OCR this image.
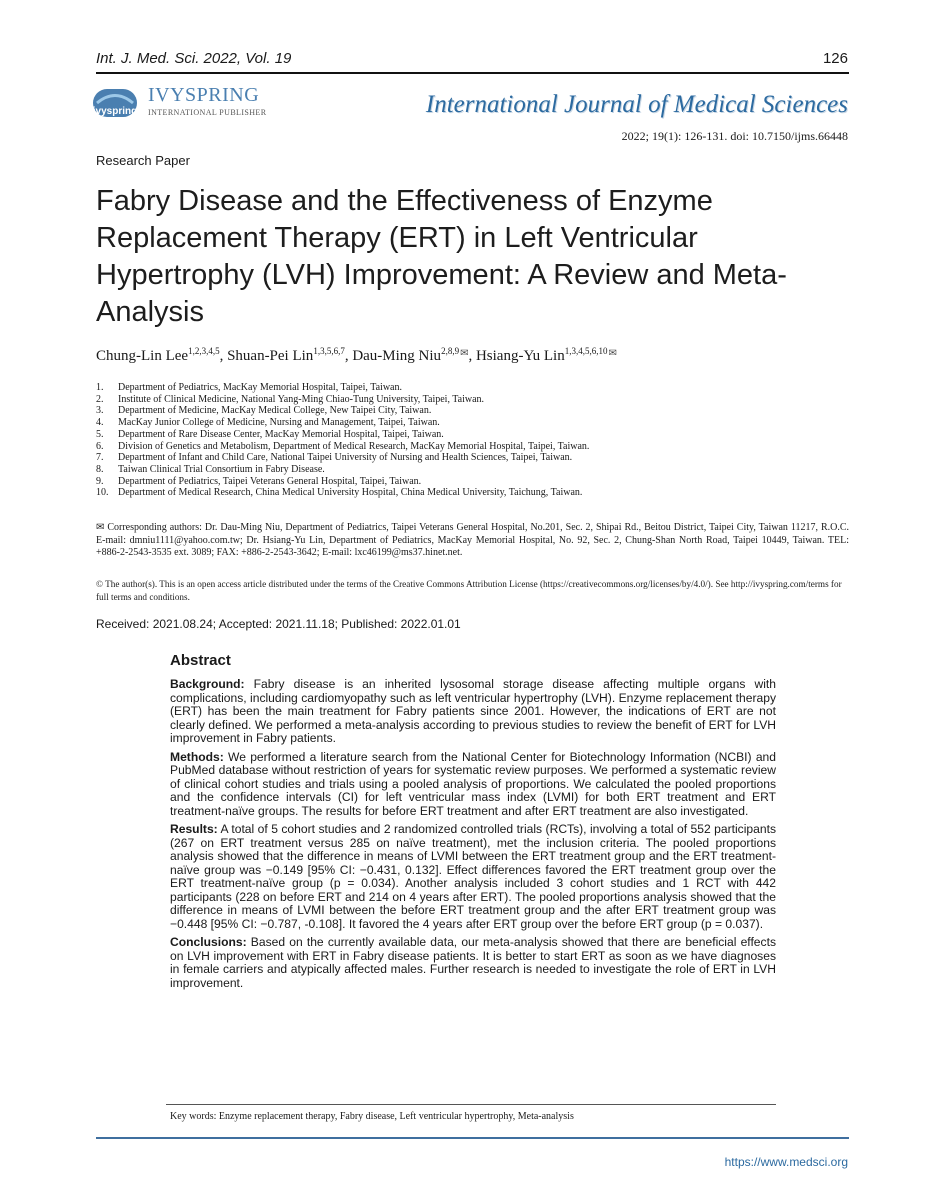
Int. J. Med. Sci. 2022, Vol. 19	126
ivyspring
IVYSPRING
INTERNATIONAL PUBLISHER	International Journal of Medical Sciences
2022; 19(1): 126-131. doi: 10.7150/ijms.66448
Research Paper
Fabry Disease and the Effectiveness of Enzyme Replacement Therapy (ERT) in Left Ventricular Hypertrophy (LVH) Improvement: A Review and Meta-Analysis
Chung-Lin Lee$^{1,2,3,4,5}$, Shuan-Pei Lin$^{1,3,5,6,7}$, Dau-Ming Niu$^{2,8,9}$✉, Hsiang-Yu Lin$^{1,3,4,5,6,10}$✉
1. Department of Pediatrics, MacKay Memorial Hospital, Taipei, Taiwan.
2. Institute of Clinical Medicine, National Yang-Ming Chiao-Tung University, Taipei, Taiwan.
3. Department of Medicine, MacKay Medical College, New Taipei City, Taiwan.
4. MacKay Junior College of Medicine, Nursing and Management, Taipei, Taiwan.
5. Department of Rare Disease Center, MacKay Memorial Hospital, Taipei, Taiwan.
6. Division of Genetics and Metabolism, Department of Medical Research, MacKay Memorial Hospital, Taipei, Taiwan.
7. Department of Infant and Child Care, National Taipei University of Nursing and Health Sciences, Taipei, Taiwan.
8. Taiwan Clinical Trial Consortium in Fabry Disease.
9. Department of Pediatrics, Taipei Veterans General Hospital, Taipei, Taiwan.
10. Department of Medical Research, China Medical University Hospital, China Medical University, Taichung, Taiwan.
✉ Corresponding authors: Dr. Dau-Ming Niu, Department of Pediatrics, Taipei Veterans General Hospital, No.201, Sec. 2, Shipai Rd., Beitou District, Taipei City, Taiwan 11217, R.O.C. E-mail: dmniu1111@yahoo.com.tw; Dr. Hsiang-Yu Lin, Department of Pediatrics, MacKay Memorial Hospital, No. 92, Sec. 2, Chung-Shan North Road, Taipei 10449, Taiwan. TEL: +886-2-2543-3535 ext. 3089; FAX: +886-2-2543-3642; E-mail: lxc46199@ms37.hinet.net.
© The author(s). This is an open access article distributed under the terms of the Creative Commons Attribution License (https://creativecommons.org/licenses/by/4.0/). See http://ivyspring.com/terms for full terms and conditions.
Received: 2021.08.24; Accepted: 2021.11.18; Published: 2022.01.01
Abstract

Background: Fabry disease is an inherited lysosomal storage disease affecting multiple organs with complications, including cardiomyopathy such as left ventricular hypertrophy (LVH). Enzyme replacement therapy (ERT) has been the main treatment for Fabry patients since 2001. However, the indications of ERT are not clearly defined. We performed a meta-analysis according to previous studies to review the benefit of ERT for LVH improvement in Fabry patients.

Methods: We performed a literature search from the National Center for Biotechnology Information (NCBI) and PubMed database without restriction of years for systematic review purposes. We performed a systematic review of clinical cohort studies and trials using a pooled analysis of proportions. We calculated the pooled proportions and the confidence intervals (CI) for left ventricular mass index (LVMI) for both ERT treatment and ERT treatment-naïve groups. The results for before ERT treatment and after ERT treatment are also investigated.

Results: A total of 5 cohort studies and 2 randomized controlled trials (RCTs), involving a total of 552 participants (267 on ERT treatment versus 285 on naïve treatment), met the inclusion criteria. The pooled proportions analysis showed that the difference in means of LVMI between the ERT treatment group and the ERT treatment-naïve group was −0.149 [95% CI: −0.431, 0.132]. Effect differences favored the ERT treatment group over the ERT treatment-naïve group (p = 0.034). Another analysis included 3 cohort studies and 1 RCT with 442 participants (228 on before ERT and 214 on 4 years after ERT). The pooled proportions analysis showed that the difference in means of LVMI between the before ERT treatment group and the after ERT treatment group was −0.448 [95% CI: −0.787, -0.108]. It favored the 4 years after ERT group over the before ERT group (p = 0.037).

Conclusions: Based on the currently available data, our meta-analysis showed that there are beneficial effects on LVH improvement with ERT in Fabry disease patients. It is better to start ERT as soon as we have diagnoses in female carriers and atypically affected males. Further research is needed to investigate the role of ERT in LVH improvement.

Key words: Enzyme replacement therapy, Fabry disease, Left ventricular hypertrophy, Meta-analysis
https://www.medsci.org
